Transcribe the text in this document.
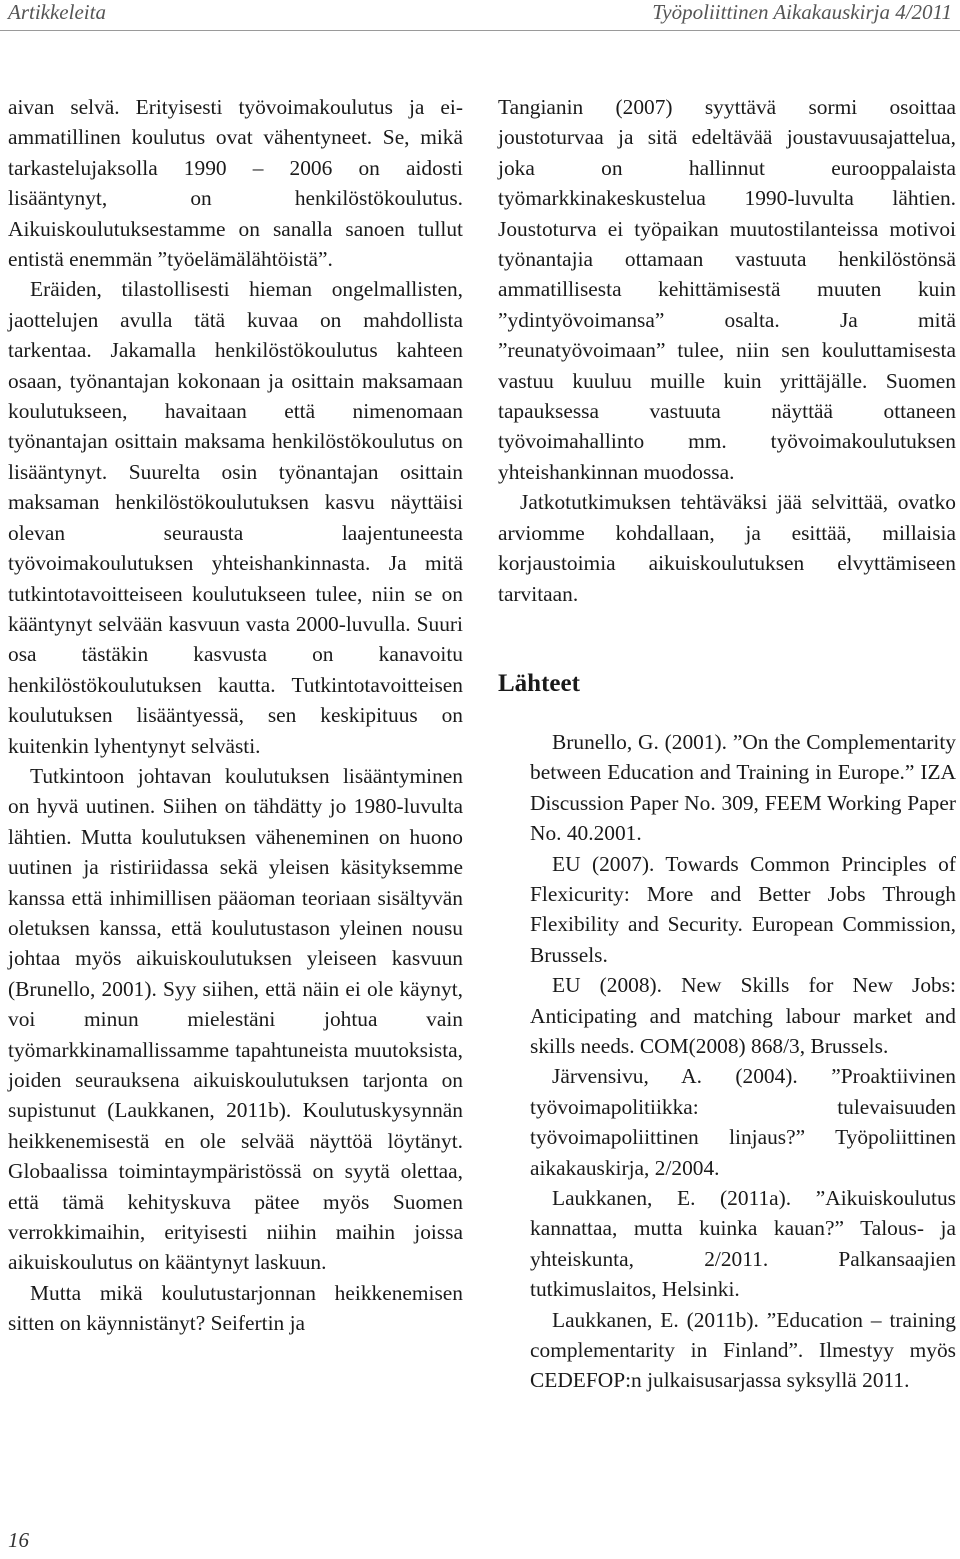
Artikkeleita	Työpoliittinen Aikakauskirja 4/2011

aivan selvä. Erityisesti työvoimakoulutus ja ei-ammatillinen koulutus ovat vähentyneet. Se, mikä tarkastelujaksolla 1990 – 2006 on aidosti lisääntynyt, on henkilöstökoulutus. Aikuiskoulutuksestamme on sanalla sanoen tullut entistä enemmän ”työelämälähtöistä”.

Eräiden, tilastollisesti hieman ongelmallisten, jaottelujen avulla tätä kuvaa on mahdollista tarkentaa. Jakamalla henkilöstökoulutus kahteen osaan, työnantajan kokonaan ja osittain maksamaan koulutukseen, havaitaan että nimenomaan työnantajan osittain maksama henkilöstökoulutus on lisääntynyt. Suurelta osin työnantajan osittain maksaman henkilöstökoulutuksen kasvu näyttäisi olevan seurausta laajentuneesta työvoimakoulutuksen yhteishankinnasta. Ja mitä tutkintotavoitteiseen koulutukseen tulee, niin se on kääntynyt selvään kasvuun vasta 2000-luvulla. Suuri osa tästäkin kasvusta on kanavoitu henkilöstökoulutuksen kautta. Tutkintotavoitteisen koulutuksen lisääntyessä, sen keskipituus on kuitenkin lyhentynyt selvästi.

Tutkintoon johtavan koulutuksen lisääntyminen on hyvä uutinen. Siihen on tähdätty jo 1980-luvulta lähtien. Mutta koulutuksen väheneminen on huono uutinen ja ristiriidassa sekä yleisen käsityksemme kanssa että inhimillisen pääoman teoriaan sisältyvän oletuksen kanssa, että koulutustason yleinen nousu johtaa myös aikuiskoulutuksen yleiseen kasvuun (Brunello, 2001). Syy siihen, että näin ei ole käynyt, voi minun mielestäni johtua vain työmarkkinamallissamme tapahtuneista muutoksista, joiden seurauksena aikuiskoulutuksen tarjonta on supistunut (Laukkanen, 2011b). Koulutuskysynnän heikkenemisestä en ole selvää näyttöä löytänyt. Globaalissa toimintaympäristössä on syytä olettaa, että tämä kehityskuva pätee myös Suomen verrokkimaihin, erityisesti niihin maihin joissa aikuiskoulutus on kääntynyt laskuun.

Mutta mikä koulutustarjonnan heikkenemisen sitten on käynnistänyt? Seifertin ja

Tangianin (2007) syyttävä sormi osoittaa joustoturvaa ja sitä edeltävää joustavuusajattelua, joka on hallinnut eurooppalaista työmarkkinakeskustelua 1990-luvulta lähtien. Joustoturva ei työpaikan muutostilanteissa motivoi työnantajia ottamaan vastuuta henkilöstönsä ammatillisesta kehittämisestä muuten kuin ”ydintyövoimansa” osalta. Ja mitä ”reunatyövoimaan” tulee, niin sen kouluttamisesta vastuu kuuluu muille kuin yrittäjälle. Suomen tapauksessa vastuuta näyttää ottaneen työvoimahallinto mm. työvoimakoulutuksen yhteishankinnan muodossa.

Jatkotutkimuksen tehtäväksi jää selvittää, ovatko arviomme kohdallaan, ja esittää, millaisia korjaustoimia aikuiskoulutuksen elvyttämiseen tarvitaan.

Lähteet

Brunello, G. (2001). ”On the Complementarity between Education and Training in Europe.” IZA Discussion Paper No. 309, FEEM Working Paper No. 40.2001.

EU (2007). Towards Common Principles of Flexicurity: More and Better Jobs Through Flexibility and Security. European Commission, Brussels.

EU (2008). New Skills for New Jobs: Anticipating and matching labour market and skills needs. COM(2008) 868/3, Brussels.

Järvensivu, A. (2004). ”Proaktiivinen työvoimapolitiikka: tulevaisuuden työvoimapoliittinen linjaus?” Työpoliittinen aikakauskirja, 2/2004.

Laukkanen, E. (2011a). ”Aikuiskoulutus kannattaa, mutta kuinka kauan?” Talous- ja yhteiskunta, 2/2011. Palkansaajien tutkimuslaitos, Helsinki.

Laukkanen, E. (2011b). ”Education – training complementarity in Finland”. Ilmestyy myös CEDEFOP:n julkaisusarjassa syksyllä 2011.

16
